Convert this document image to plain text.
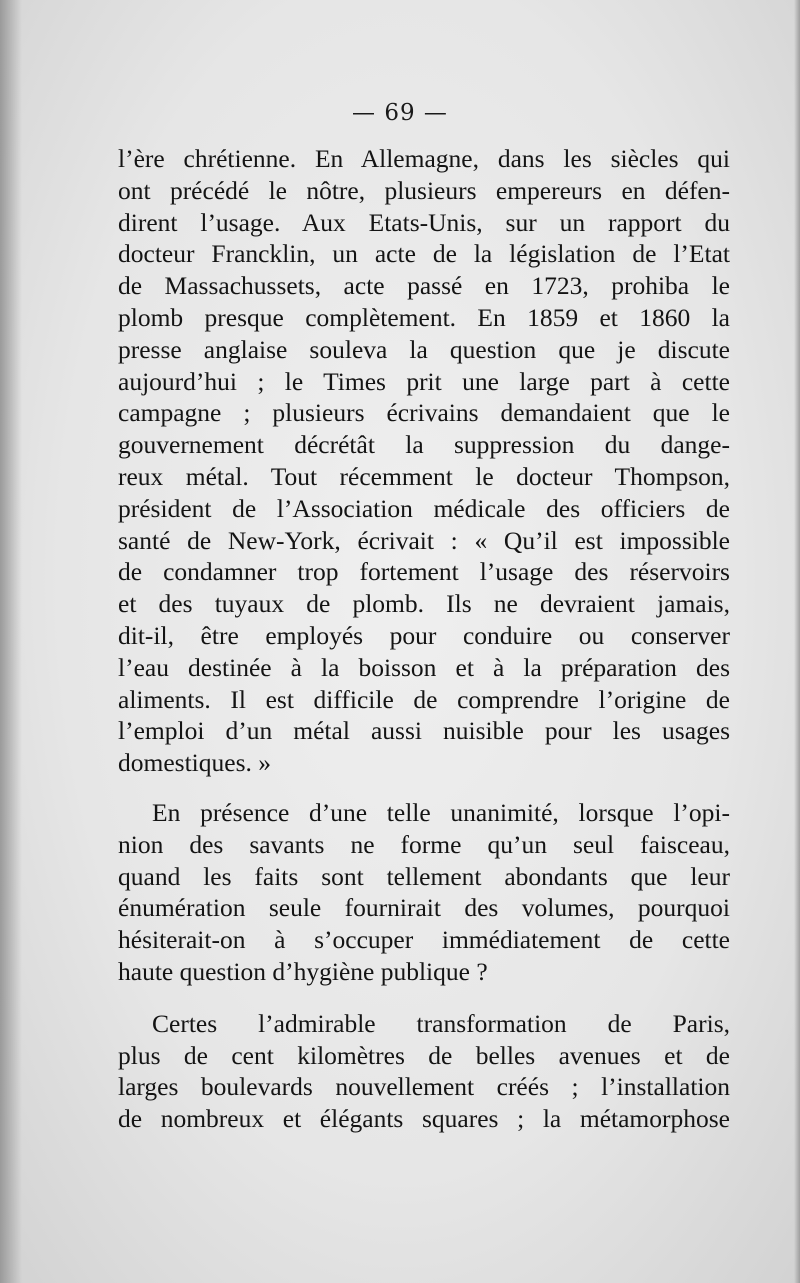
— 69 —
l’ère chrétienne. En Allemagne, dans les siècles qui
ont précédé le nôtre, plusieurs empereurs en défen-
dirent l’usage. Aux Etats-Unis, sur un rapport du
docteur Francklin, un acte de la législation de l’Etat
de Massachussets, acte passé en 1723, prohiba le
plomb presque complètement. En 1859 et 1860 la
presse anglaise souleva la question que je discute
aujourd’hui ; le Times prit une large part à cette
campagne ; plusieurs écrivains demandaient que le
gouvernement décrétât la suppression du dange-
reux métal. Tout récemment le docteur Thompson,
président de l’Association médicale des officiers de
santé de New-York, écrivait : « Qu’il est impossible
de condamner trop fortement l’usage des réservoirs
et des tuyaux de plomb. Ils ne devraient jamais,
dit-il, être employés pour conduire ou conserver
l’eau destinée à la boisson et à la préparation des
aliments. Il est difficile de comprendre l’origine de
l’emploi d’un métal aussi nuisible pour les usages
domestiques. »
En présence d’une telle unanimité, lorsque l’opi-
nion des savants ne forme qu’un seul faisceau,
quand les faits sont tellement abondants que leur
énumération seule fournirait des volumes, pourquoi
hésiterait-on à s’occuper immédiatement de cette
haute question d’hygiène publique ?
Certes l’admirable transformation de Paris,
plus de cent kilomètres de belles avenues et de
larges boulevards nouvellement créés ; l’installation
de nombreux et élégants squares ; la métamorphose
